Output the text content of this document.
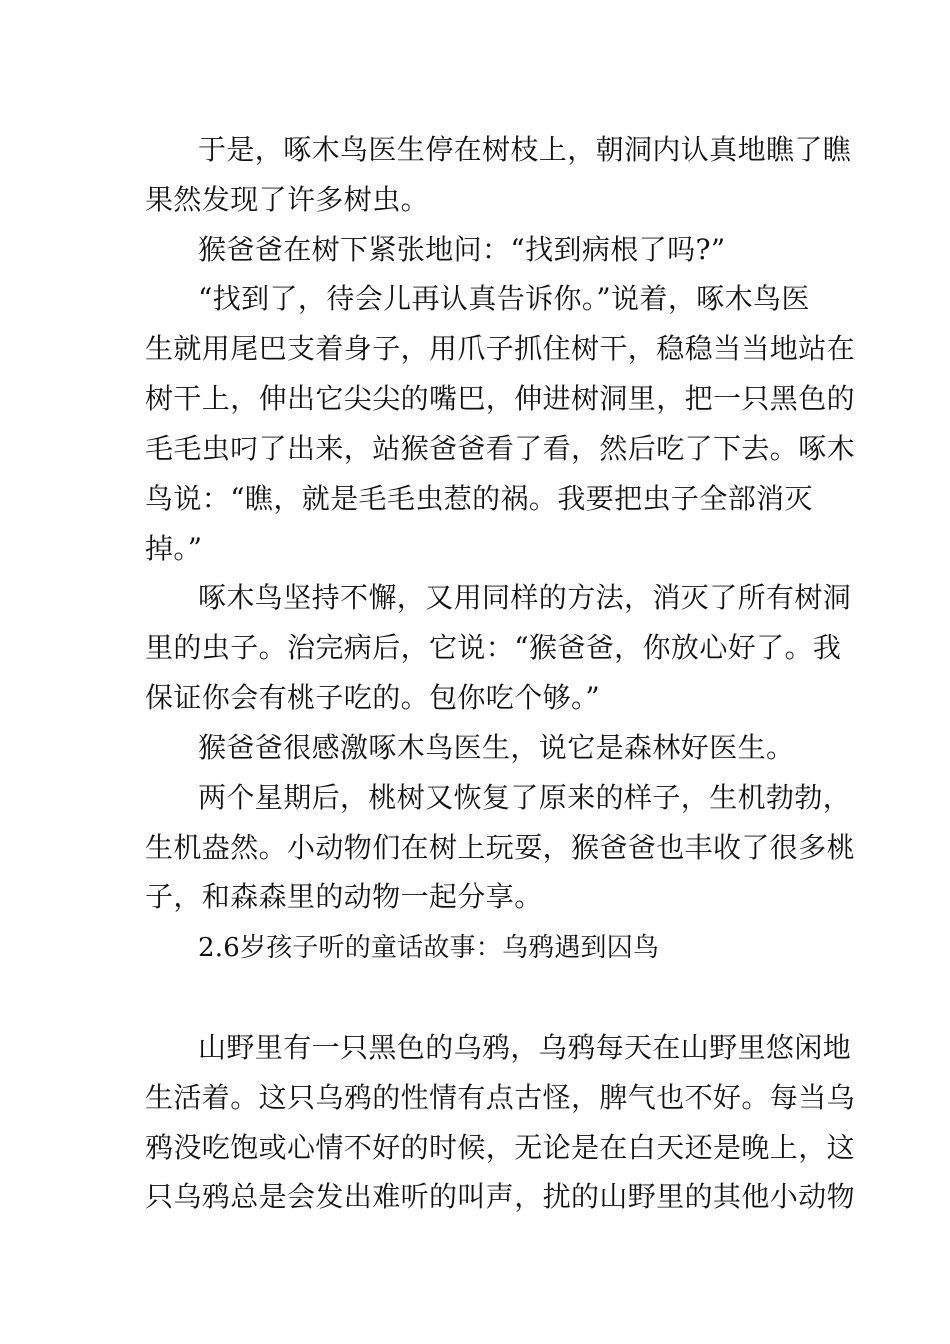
于是，啄木鸟医生停在树枝上，朝洞内认真地瞧了瞧

果然发现了许多树虫。

猴爸爸在树下紧张地问：“找到病根了吗?”

“找到了，待会儿再认真告诉你。”说着，啄木鸟医

生就用尾巴支着身子，用爪子抓住树干，稳稳当当地站在

树干上，伸出它尖尖的嘴巴，伸进树洞里，把一只黑色的

毛毛虫叼了出来，站猴爸爸看了看，然后吃了下去。啄木

鸟说：“瞧，就是毛毛虫惹的祸。我要把虫子全部消灭

掉。”

啄木鸟坚持不懈，又用同样的方法，消灭了所有树洞

里的虫子。治完病后，它说：“猴爸爸，你放心好了。我

保证你会有桃子吃的。包你吃个够。”

猴爸爸很感激啄木鸟医生，说它是森林好医生。

两个星期后，桃树又恢复了原来的样子，生机勃勃，

生机盎然。小动物们在树上玩耍，猴爸爸也丰收了很多桃

子，和森森里的动物一起分享。

2.6岁孩子听的童话故事：乌鸦遇到囚鸟

山野里有一只黑色的乌鸦，乌鸦每天在山野里悠闲地

生活着。这只乌鸦的性情有点古怪，脾气也不好。每当乌

鸦没吃饱或心情不好的时候，无论是在白天还是晚上，这

只乌鸦总是会发出难听的叫声，扰的山野里的其他小动物
